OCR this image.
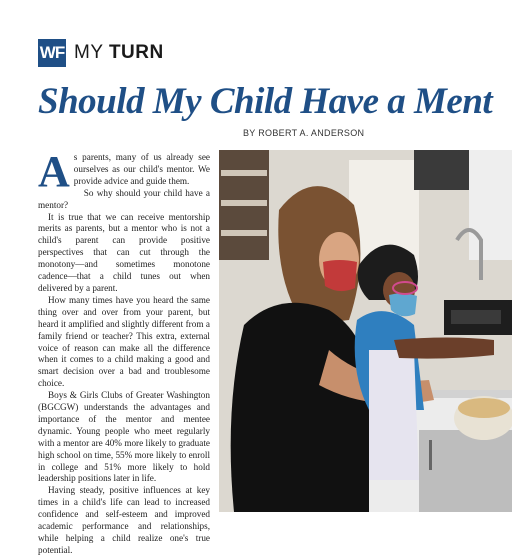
WF MY TURN
Should My Child Have a Ment
BY ROBERT A. ANDERSON

As parents, many of us already see ourselves as our child's mentor. We provide advice and guide them.

So why should your child have a mentor?

It is true that we can receive mentorship merits as parents, but a mentor who is not a child's parent can provide positive perspectives that can cut through the monotony—and sometimes monotone cadence—that a child tunes out when delivered by a parent.

How many times have you heard the same thing over and over from your parent, but heard it amplified and slightly different from a family friend or teacher? This extra, external voice of reason can make all the difference when it comes to a child making a good and smart decision over a bad and troublesome choice.

Boys & Girls Clubs of Greater Washington (BGCGW) understands the advantages and importance of the mentor and mentee dynamic. Young people who meet regularly with a mentor are 40% more likely to graduate high school on time, 55% more likely to enroll in college and 51% more likely to hold leadership positions later in life.

Having steady, positive influences at key times in a child's life can lead to increased confidence and self-esteem and improved academic performance and relationships, while helping a child realize one's true potential.
